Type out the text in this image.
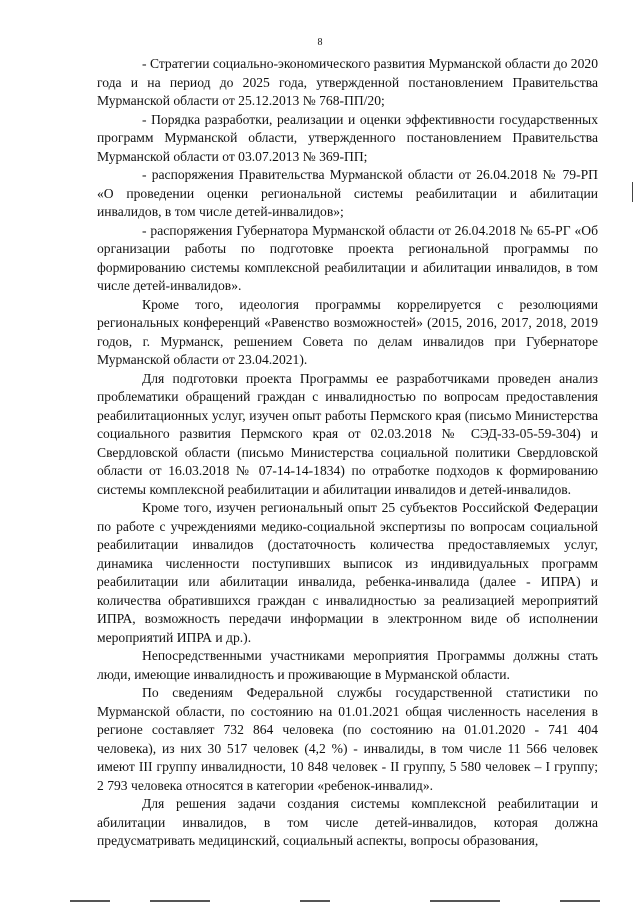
8

- Стратегии социально-экономического развития Мурманской области до 2020 года и на период до 2025 года, утвержденной постановлением Правительства Мурманской области от 25.12.2013 № 768-ПП/20;

- Порядка разработки, реализации и оценки эффективности государственных программ Мурманской области, утвержденного постановлением Правительства Мурманской области от 03.07.2013 № 369-ПП;

- распоряжения Правительства Мурманской области от 26.04.2018 № 79-РП «О проведении оценки региональной системы реабилитации и абилитации инвалидов, в том числе детей-инвалидов»;

- распоряжения Губернатора Мурманской области от 26.04.2018 № 65-РГ «Об организации работы по подготовке проекта региональной программы по формированию системы комплексной реабилитации и абилитации инвалидов, в том числе детей-инвалидов».

Кроме того, идеология программы коррелируется с резолюциями региональных конференций «Равенство возможностей» (2015, 2016, 2017, 2018, 2019 годов, г. Мурманск, решением Совета по делам инвалидов при Губернаторе Мурманской области от 23.04.2021).

Для подготовки проекта Программы ее разработчиками проведен анализ проблематики обращений граждан с инвалидностью по вопросам предоставления реабилитационных услуг, изучен опыт работы Пермского края (письмо Министерства социального развития Пермского края от 02.03.2018 № СЭД-33-05-59-304) и Свердловской области (письмо Министерства социальной политики Свердловской области от 16.03.2018 № 07-14-14-1834) по отработке подходов к формированию системы комплексной реабилитации и абилитации инвалидов и детей-инвалидов.

Кроме того, изучен региональный опыт 25 субъектов Российской Федерации по работе с учреждениями медико-социальной экспертизы по вопросам социальной реабилитации инвалидов (достаточность количества предоставляемых услуг, динамика численности поступивших выписок из индивидуальных программ реабилитации или абилитации инвалида, ребенка-инвалида (далее - ИПРА) и количества обратившихся граждан с инвалидностью за реализацией мероприятий ИПРА, возможность передачи информации в электронном виде об исполнении мероприятий ИПРА и др.).

Непосредственными участниками мероприятия Программы должны стать люди, имеющие инвалидность и проживающие в Мурманской области.

По сведениям Федеральной службы государственной статистики по Мурманской области, по состоянию на 01.01.2021 общая численность населения в регионе составляет 732 864 человека (по состоянию на 01.01.2020 - 741 404 человека), из них 30 517 человек (4,2 %) - инвалиды, в том числе 11 566 человек имеют III группу инвалидности, 10 848 человек - II группу, 5 580 человек – I группу; 2 793 человека относятся в категории «ребенок-инвалид».

Для решения задачи создания системы комплексной реабилитации и абилитации инвалидов, в том числе детей-инвалидов, которая должна предусматривать медицинский, социальный аспекты, вопросы образования,
